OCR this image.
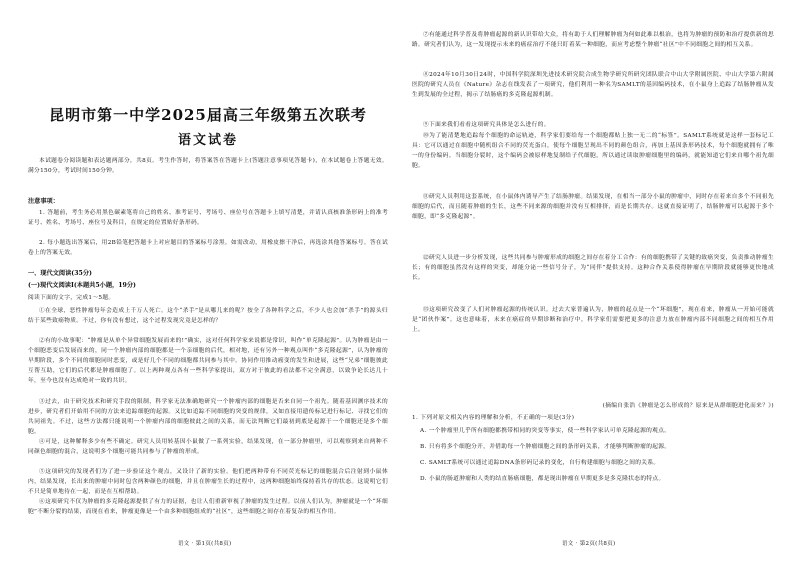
昆明市第一中学2025届高三年级第五次联考
语文试卷
本试题卷分阅读题和表达题两部分，共8页。考生作答时，将答案答在答题卡上(答题注意事项见答题卡)，在本试题卷上答题无效。满分150分，考试时间150分钟。
注意事项：
1. 答题前，考生务必用黑色碳素笔将自己的姓名、准考证号、考场号、座位号在答题卡上填写清楚，并请认真核准条形码上的准考证号、姓名、考场号、座位号及科目，在规定的位置贴好条形码。
2. 每小题选出答案后，用2B铅笔把答题卡上对应题目的答案标号涂黑。如需改动，用橡皮擦干净后，再选涂其他答案标号。答在试卷上的答案无效。
一、现代文阅读(35分)
(一)现代文阅读Ⅰ(本题共5小题，19分)
阅读下面的文字，完成1～5题。
①在全球，恶性肿瘤每年会造成上千万人死亡。这个“杀手”是从哪儿来的呢？按全了各种科学之后，不少人也会加“杀手”的源头归结于某些致癌物质。不过，你有没有想过，这个过程发现究竟是怎样的？
②有的小故事呢：“肿瘤是从单个异常细胞发展而来的!”确实，这对任何科学家来说都是常识，叫作“单克隆起源”。认为肿瘤是由一个细胞恶变后发展而来的，同一个肿瘤内部的细胞都是一个亲细胞的后代，相对地，还有另外一种观点叫作“多克隆起源”，认为肿瘤的早期阶段，多个不同的细胞同时恶变，或是好几个不同的细胞都共同参与其中。协同作用推动癌变的发生和进展，这些“兄弟”细胞彼此互帮互助，它们的后代都是肿瘤细胞了。以上两种观点各有一些科学家提出，双方对于彼此的看法都不完全满意，以致争论长达几十年，至今也没有达成绝对一致的共识。
③过去，由于研究技术和研究手段的限制，科学家无法准确地研究一个肿瘤内部的细胞是否来自同一个祖先。随着基因测序技术的进步，研究者们开始用不同的方法来追踪细胞的起源。又比如追踪不同细胞的突变的规律，又如直接用遗传标记进行标记、寻找它们的共同祖先。不过，这些方法都只能说明一个肿瘤内部的细胞彼此之间的关系，而无法判断它们最初到底是起源于一个细胞还是多个细胞。
④可是，这种解释多少有些不确定。研究人员用转基因小鼠做了一系列实验，结果发现，在一部分肿瘤里，可以观察到来自两种不同颜色细胞的混合，这说明多个细胞可能共同参与了肿瘤的形成。
⑤这项研究的发现者们为了进一步验证这个观点，又设计了新的实验。他们把两种带有不同荧光标记的细胞混合后注射到小鼠体内，结果发现，长出来的肿瘤中同时包含两种颜色的细胞，并且在肿瘤生长的过程中，这两种细胞始终保持着共存的状态。这说明它们不只是简单地待在一起，而是在互相帮助。
⑥这项研究不仅为肿瘤的多克隆起源提供了有力的证据，也让人们重新审视了肿瘤的发生过程。以前人们认为，肿瘤就是一个“坏细胞”不断分裂的结果，而现在看来，肿瘤更像是一个由多种细胞组成的“社区”，这些细胞之间存在着复杂的相互作用。
语文 · 第1页(共8页)
⑦有能通过科学普及将肿瘤起源的新认识带给大众，将有助于人们理解肿瘤为何如此难以根治，也将为肿瘤的预防和治疗提供新的思路。研究者们认为，这一发现提示未来的癌症治疗不能只盯着某一种细胞，而应考虑整个肿瘤“社区”中不同细胞之间的相互关系。
⑧2024年10月30日24时，中国科学院深圳先进技术研究院合成生物学研究所研究团队联合中山大学附属医院、中山大学第六附属医院的研究人员在《Nature》杂志在线发表了一项研究，他们利用一种名为SAMLT的基因编码技术，在小鼠身上追踪了结肠肿瘤从发生到发展的全过程，揭示了结肠癌的多克隆起源机制。
⑨下面来我们看看这项研究具体是怎么进行的。
⑩为了能清楚地追踪每个细胞的命运轨迹，科学家们要给每一个细胞都贴上独一无二的“标签”。SAMLT系统就是这样一套标记工具：它可以通过在细胞中随机组合不同的荧光蛋白，使每个细胞呈现出不同的颜色组合，再加上基因条形码技术，每个细胞就拥有了唯一的身份编码。当细胞分裂时，这个编码会被原样地复制给子代细胞，所以通过读取肿瘤细胞里的编码，就能知道它们来自哪个祖先细胞。
⑪研究人员利用这套系统，在小鼠体内诱导产生了结肠肿瘤。结果发现，在相当一部分小鼠的肿瘤中，同时存在着来自多个不同祖先细胞的后代，而且随着肿瘤的生长，这些不同来源的细胞并没有互相排挤，而是长期共存。这就直接证明了，结肠肿瘤可以起源于多个细胞，即“多克隆起源”。
⑫研究人员进一步分析发现，这些共同参与肿瘤形成的细胞之间存在着分工合作：有的细胞携带了关键的致癌突变，负责推动肿瘤生长；有的细胞虽然没有这样的突变，却能分泌一些信号分子，为“同伴”提供支持。这种合作关系使得肿瘤在早期阶段就能够更快地成长。
⑬这项研究改变了人们对肿瘤起源的传统认识。过去大家普遍认为，肿瘤的起点是一个“坏细胞”，现在看来，肿瘤从一开始可能就是“团伙作案”。这也意味着，未来在癌症的早期诊断和治疗中，科学家们需要把更多的注意力放在肿瘤内部不同细胞之间的相互作用上。
(摘编自张浩《肿瘤是怎么形成的？原来是从群细胞进化而来？》)
1. 下列对原文相关内容的理解和分析，不正确的一项是(3分)
A. 一个肿瘤里几乎所有细胞都携带相同的突变等事实，使一些科学家认可单克隆起源的观点。
B. 只有将多个细胞分开，并借助每一个肿瘤细胞之间的条形码关系，才能够判断肿瘤的起源。
C. SAMLT系统可以通过追踪DNA条形码记录的变化，自行构建细胞与细胞之间的关系。
D. 小鼠的肠道肿瘤和人类的结直肠癌细胞，都是现出肿瘤在早期更多是多克隆状态的特点。
语文 · 第2页(共8页)
